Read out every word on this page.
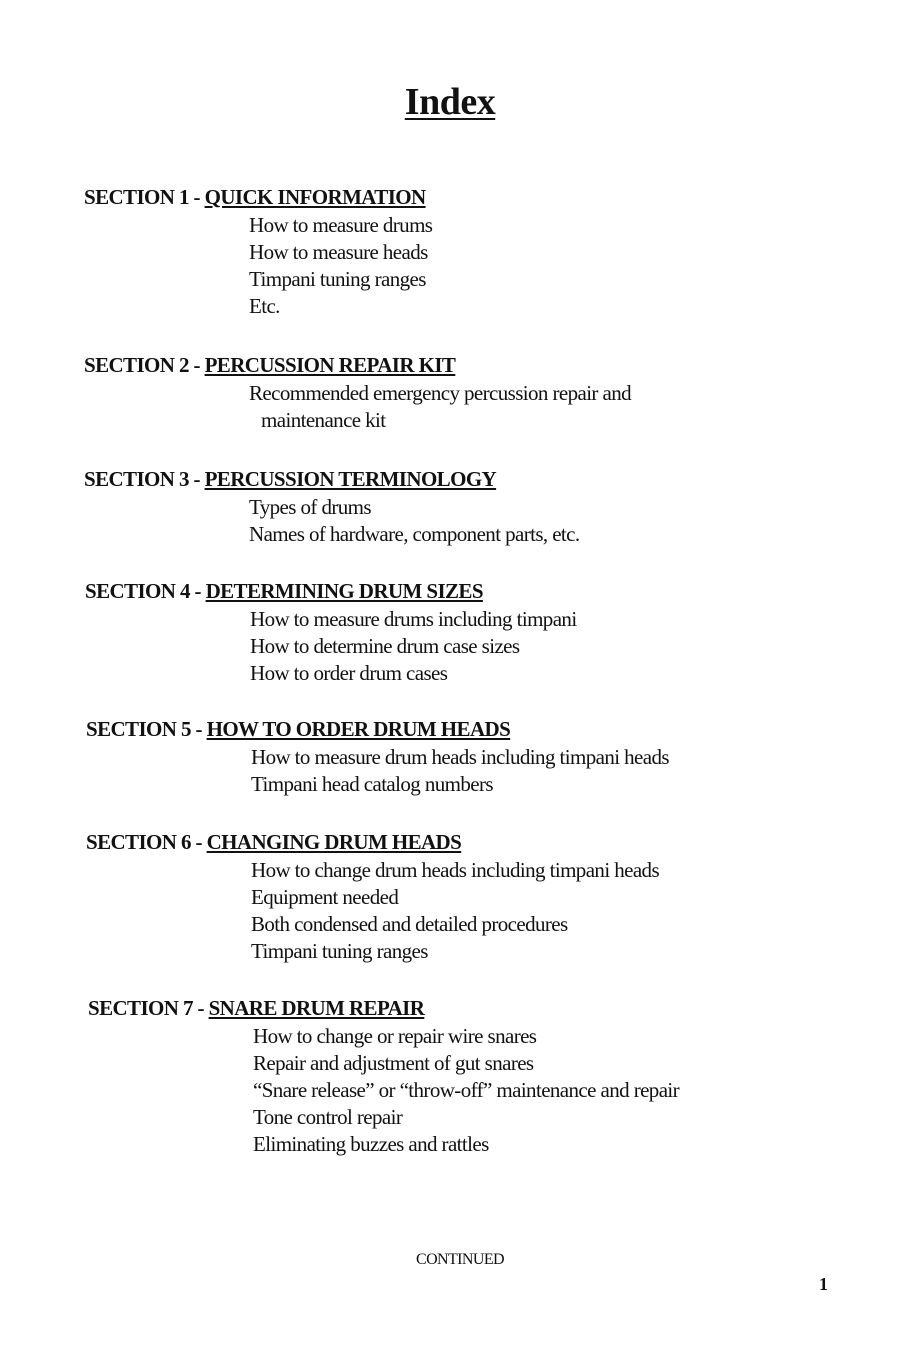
Index
SECTION 1 - QUICK INFORMATION
How to measure drums
How to measure heads
Timpani tuning ranges
Etc.
SECTION 2 - PERCUSSION REPAIR KIT
Recommended emergency percussion repair and
maintenance kit
SECTION 3 - PERCUSSION TERMINOLOGY
Types of drums
Names of hardware, component parts, etc.
SECTION 4 - DETERMINING DRUM SIZES
How to measure drums including timpani
How to determine drum case sizes
How to order drum cases
SECTION 5 - HOW TO ORDER DRUM HEADS
How to measure drum heads including timpani heads
Timpani head catalog numbers
SECTION 6 - CHANGING DRUM HEADS
How to change drum heads including timpani heads
Equipment needed
Both condensed and detailed procedures
Timpani tuning ranges
SECTION 7 - SNARE DRUM REPAIR
How to change or repair wire snares
Repair and adjustment of gut snares
“Snare release” or “throw-off” maintenance and repair
Tone control repair
Eliminating buzzes and rattles
CONTINUED
1
